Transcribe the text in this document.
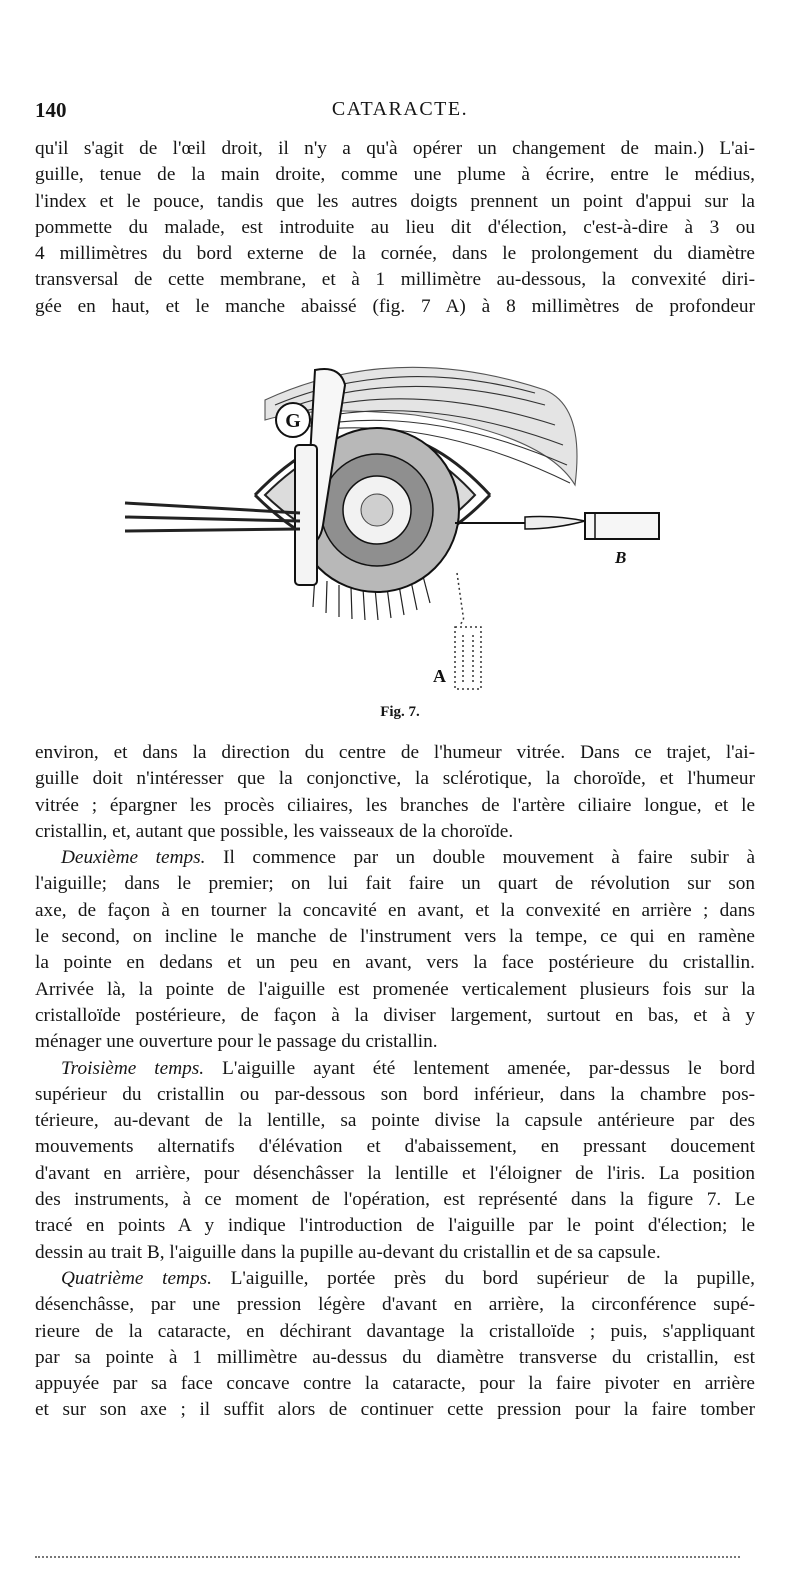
140	CATARACTE.
qu'il s'agit de l'œil droit, il n'y a qu'à opérer un changement de main.) L'ai-
guille, tenue de la main droite, comme une plume à écrire, entre le médius,
l'index et le pouce, tandis que les autres doigts prennent un point d'appui sur la
pommette du malade, est introduite au lieu dit d'élection, c'est-à-dire à 3 ou
4 millimètres du bord externe de la cornée, dans le prolongement du diamètre
transversal de cette membrane, et à 1 millimètre au-dessous, la convexité diri-
gée en haut, et le manche abaissé (fig. 7 A) à 8 millimètres de profondeur
G
B
A
Fig. 7.
environ, et dans la direction du centre de l'humeur vitrée. Dans ce trajet, l'ai-
guille doit n'intéresser que la conjonctive, la sclérotique, la choroïde, et l'humeur
vitrée ; épargner les procès ciliaires, les branches de l'artère ciliaire longue, et le
cristallin, et, autant que possible, les vaisseaux de la choroïde.
Deuxième temps. Il commence par un double mouvement à faire subir à
l'aiguille; dans le premier; on lui fait faire un quart de révolution sur son
axe, de façon à en tourner la concavité en avant, et la convexité en arrière ; dans
le second, on incline le manche de l'instrument vers la tempe, ce qui en ramène
la pointe en dedans et un peu en avant, vers la face postérieure du cristallin.
Arrivée là, la pointe de l'aiguille est promenée verticalement plusieurs fois sur la
cristalloïde postérieure, de façon à la diviser largement, surtout en bas, et à y
ménager une ouverture pour le passage du cristallin.
Troisième temps. L'aiguille ayant été lentement amenée, par-dessus le bord
supérieur du cristallin ou par-dessous son bord inférieur, dans la chambre pos-
térieure, au-devant de la lentille, sa pointe divise la capsule antérieure par des
mouvements alternatifs d'élévation et d'abaissement, en pressant doucement
d'avant en arrière, pour désenchâsser la lentille et l'éloigner de l'iris. La position
des instruments, à ce moment de l'opération, est représenté dans la figure 7. Le
tracé en points A y indique l'introduction de l'aiguille par le point d'élection; le
dessin au trait B, l'aiguille dans la pupille au-devant du cristallin et de sa capsule.
Quatrième temps. L'aiguille, portée près du bord supérieur de la pupille,
désenchâsse, par une pression légère d'avant en arrière, la circonférence supé-
rieure de la cataracte, en déchirant davantage la cristalloïde ; puis, s'appliquant
par sa pointe à 1 millimètre au-dessus du diamètre transverse du cristallin, est
appuyée par sa face concave contre la cataracte, pour la faire pivoter en arrière
et sur son axe ; il suffit alors de continuer cette pression pour la faire tomber
